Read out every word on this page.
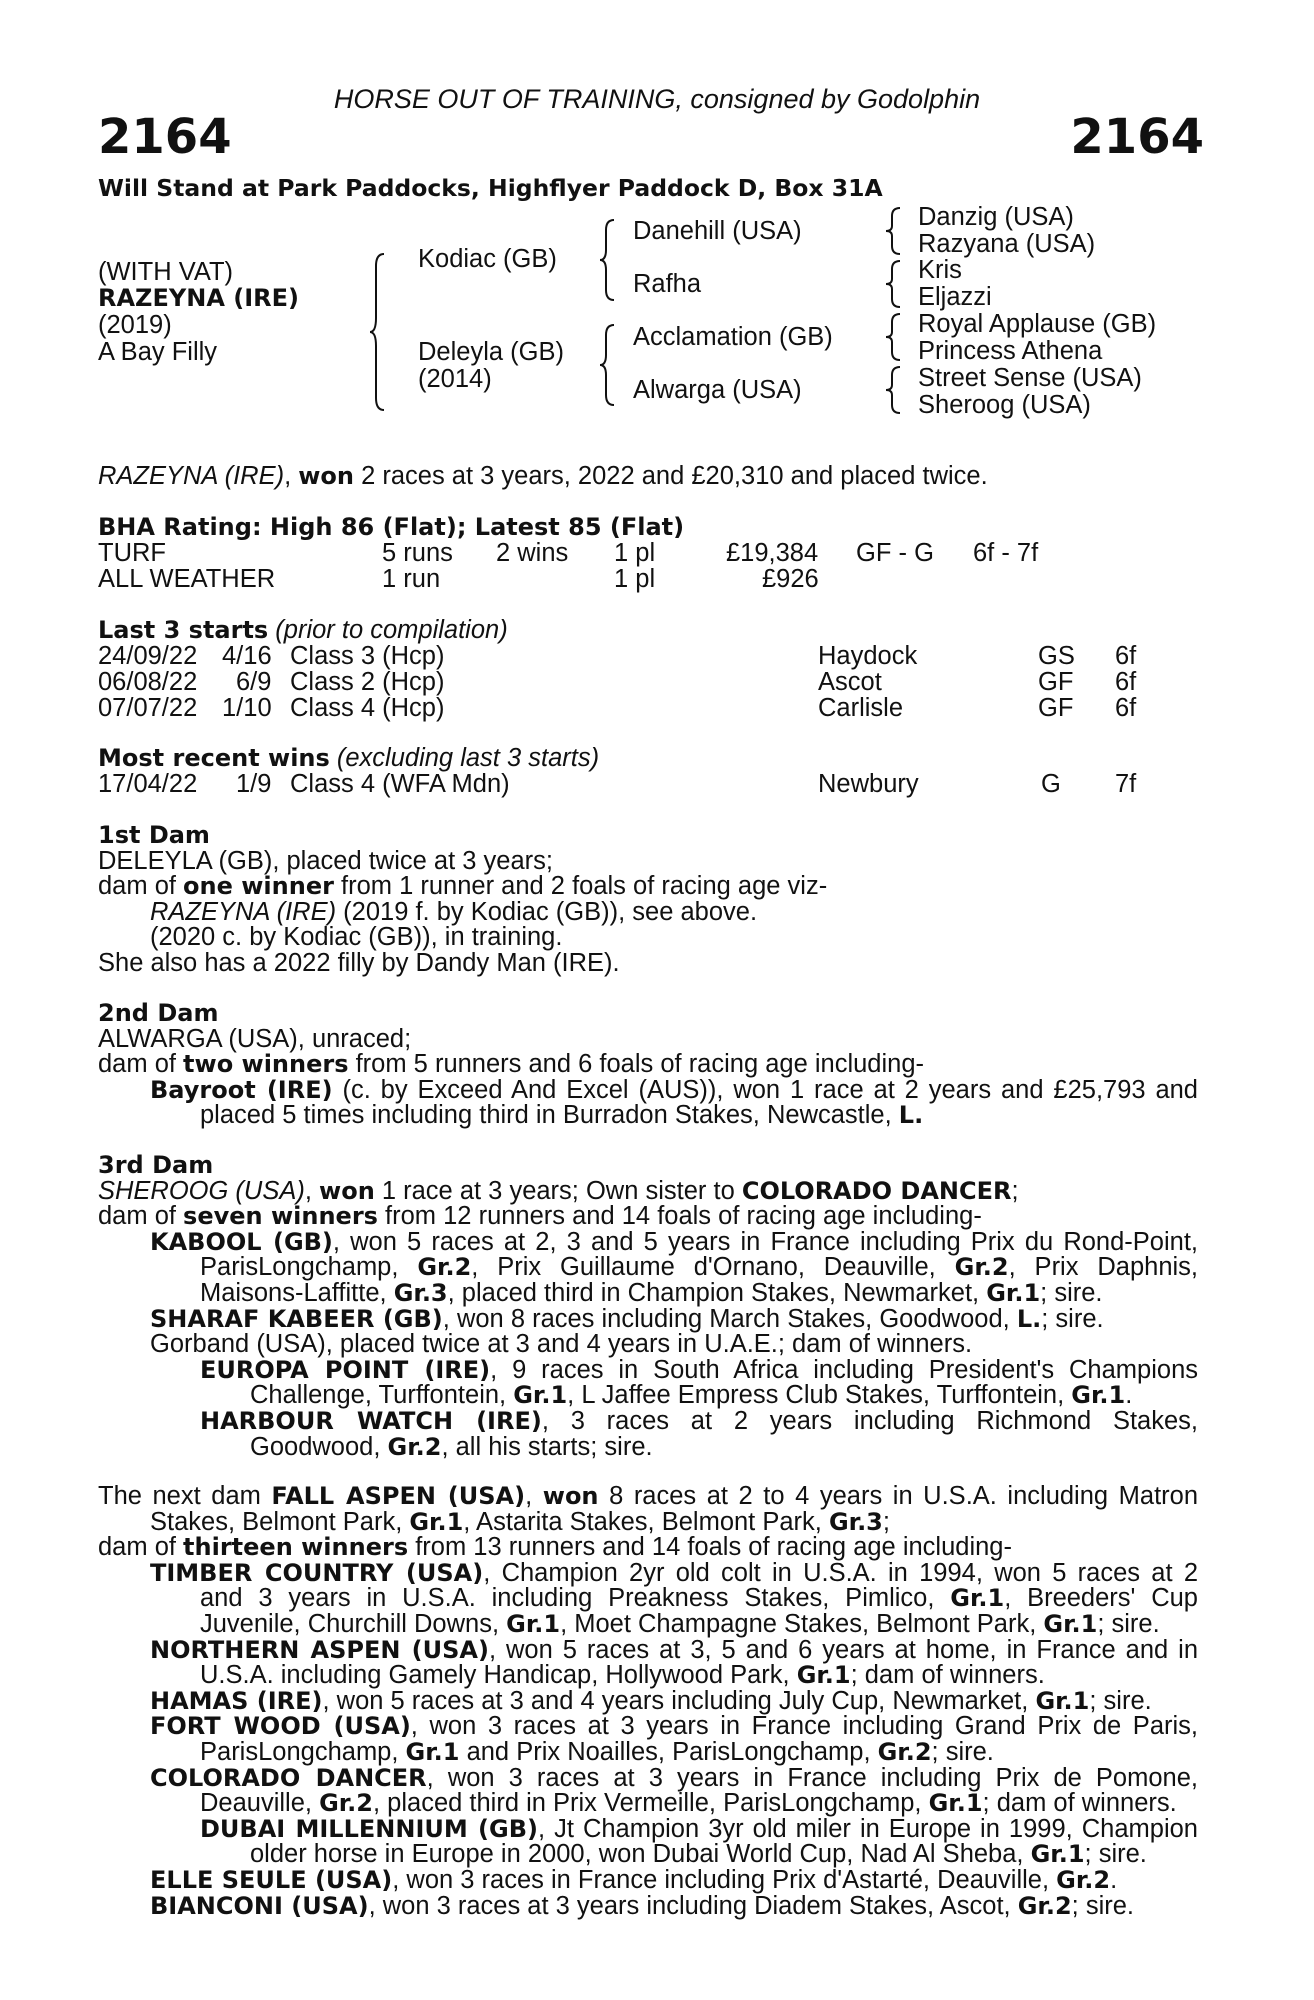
HORSE OUT OF TRAINING, consigned by Godolphin
2164	2164
Will Stand at Park Paddocks, Highflyer Paddock D, Box 31A
(WITH VAT)
RAZEYNA (IRE)
(2019)
A Bay Filly
Kodiac (GB)
Deleyla (GB)
(2014)
Danehill (USA)
Rafha
Acclamation (GB)
Alwarga (USA)
Danzig (USA)
Razyana (USA)
Kris
Eljazzi
Royal Applause (GB)
Princess Athena
Street Sense (USA)
Sheroog (USA)
RAZEYNA (IRE), won 2 races at 3 years, 2022 and £20,310 and placed twice.
BHA Rating: High 86 (Flat); Latest 85 (Flat)
TURF	5 runs 2 wins 1 pl	£19,384 GF - G 6f - 7f
ALL WEATHER	1 run	1 pl	£926
Last 3 starts (prior to compilation)
24/09/22 4/16 Class 3 (Hcp)	Haydock	GS 6f
06/08/22 6/9 Class 2 (Hcp)	Ascot	GF 6f
07/07/22 1/10 Class 4 (Hcp)	Carlisle	GF 6f
Most recent wins (excluding last 3 starts)
17/04/22 1/9 Class 4 (WFA Mdn)	Newbury	G 7f
1st Dam
DELEYLA (GB), placed twice at 3 years;
dam of one winner from 1 runner and 2 foals of racing age viz-
RAZEYNA (IRE) (2019 f. by Kodiac (GB)), see above.
(2020 c. by Kodiac (GB)), in training.
She also has a 2022 filly by Dandy Man (IRE).
2nd Dam
ALWARGA (USA), unraced;
dam of two winners from 5 runners and 6 foals of racing age including-
Bayroot (IRE) (c. by Exceed And Excel (AUS)), won 1 race at 2 years and £25,793 and
placed 5 times including third in Burradon Stakes, Newcastle, L.
3rd Dam
SHEROOG (USA), won 1 race at 3 years; Own sister to COLORADO DANCER;
dam of seven winners from 12 runners and 14 foals of racing age including-
KABOOL (GB), won 5 races at 2, 3 and 5 years in France including Prix du Rond-Point,
ParisLongchamp, Gr.2, Prix Guillaume d'Ornano, Deauville, Gr.2, Prix Daphnis,
Maisons-Laffitte, Gr.3, placed third in Champion Stakes, Newmarket, Gr.1; sire.
SHARAF KABEER (GB), won 8 races including March Stakes, Goodwood, L.; sire.
Gorband (USA), placed twice at 3 and 4 years in U.A.E.; dam of winners.
EUROPA POINT (IRE), 9 races in South Africa including President's Champions
Challenge, Turffontein, Gr.1, L Jaffee Empress Club Stakes, Turffontein, Gr.1.
HARBOUR WATCH (IRE), 3 races at 2 years including Richmond Stakes,
Goodwood, Gr.2, all his starts; sire.
The next dam FALL ASPEN (USA), won 8 races at 2 to 4 years in U.S.A. including Matron
Stakes, Belmont Park, Gr.1, Astarita Stakes, Belmont Park, Gr.3;
dam of thirteen winners from 13 runners and 14 foals of racing age including-
TIMBER COUNTRY (USA), Champion 2yr old colt in U.S.A. in 1994, won 5 races at 2
and 3 years in U.S.A. including Preakness Stakes, Pimlico, Gr.1, Breeders' Cup
Juvenile, Churchill Downs, Gr.1, Moet Champagne Stakes, Belmont Park, Gr.1; sire.
NORTHERN ASPEN (USA), won 5 races at 3, 5 and 6 years at home, in France and in
U.S.A. including Gamely Handicap, Hollywood Park, Gr.1; dam of winners.
HAMAS (IRE), won 5 races at 3 and 4 years including July Cup, Newmarket, Gr.1; sire.
FORT WOOD (USA), won 3 races at 3 years in France including Grand Prix de Paris,
ParisLongchamp, Gr.1 and Prix Noailles, ParisLongchamp, Gr.2; sire.
COLORADO DANCER, won 3 races at 3 years in France including Prix de Pomone,
Deauville, Gr.2, placed third in Prix Vermeille, ParisLongchamp, Gr.1; dam of winners.
DUBAI MILLENNIUM (GB), Jt Champion 3yr old miler in Europe in 1999, Champion
older horse in Europe in 2000, won Dubai World Cup, Nad Al Sheba, Gr.1; sire.
ELLE SEULE (USA), won 3 races in France including Prix d'Astarté, Deauville, Gr.2.
BIANCONI (USA), won 3 races at 3 years including Diadem Stakes, Ascot, Gr.2; sire.
